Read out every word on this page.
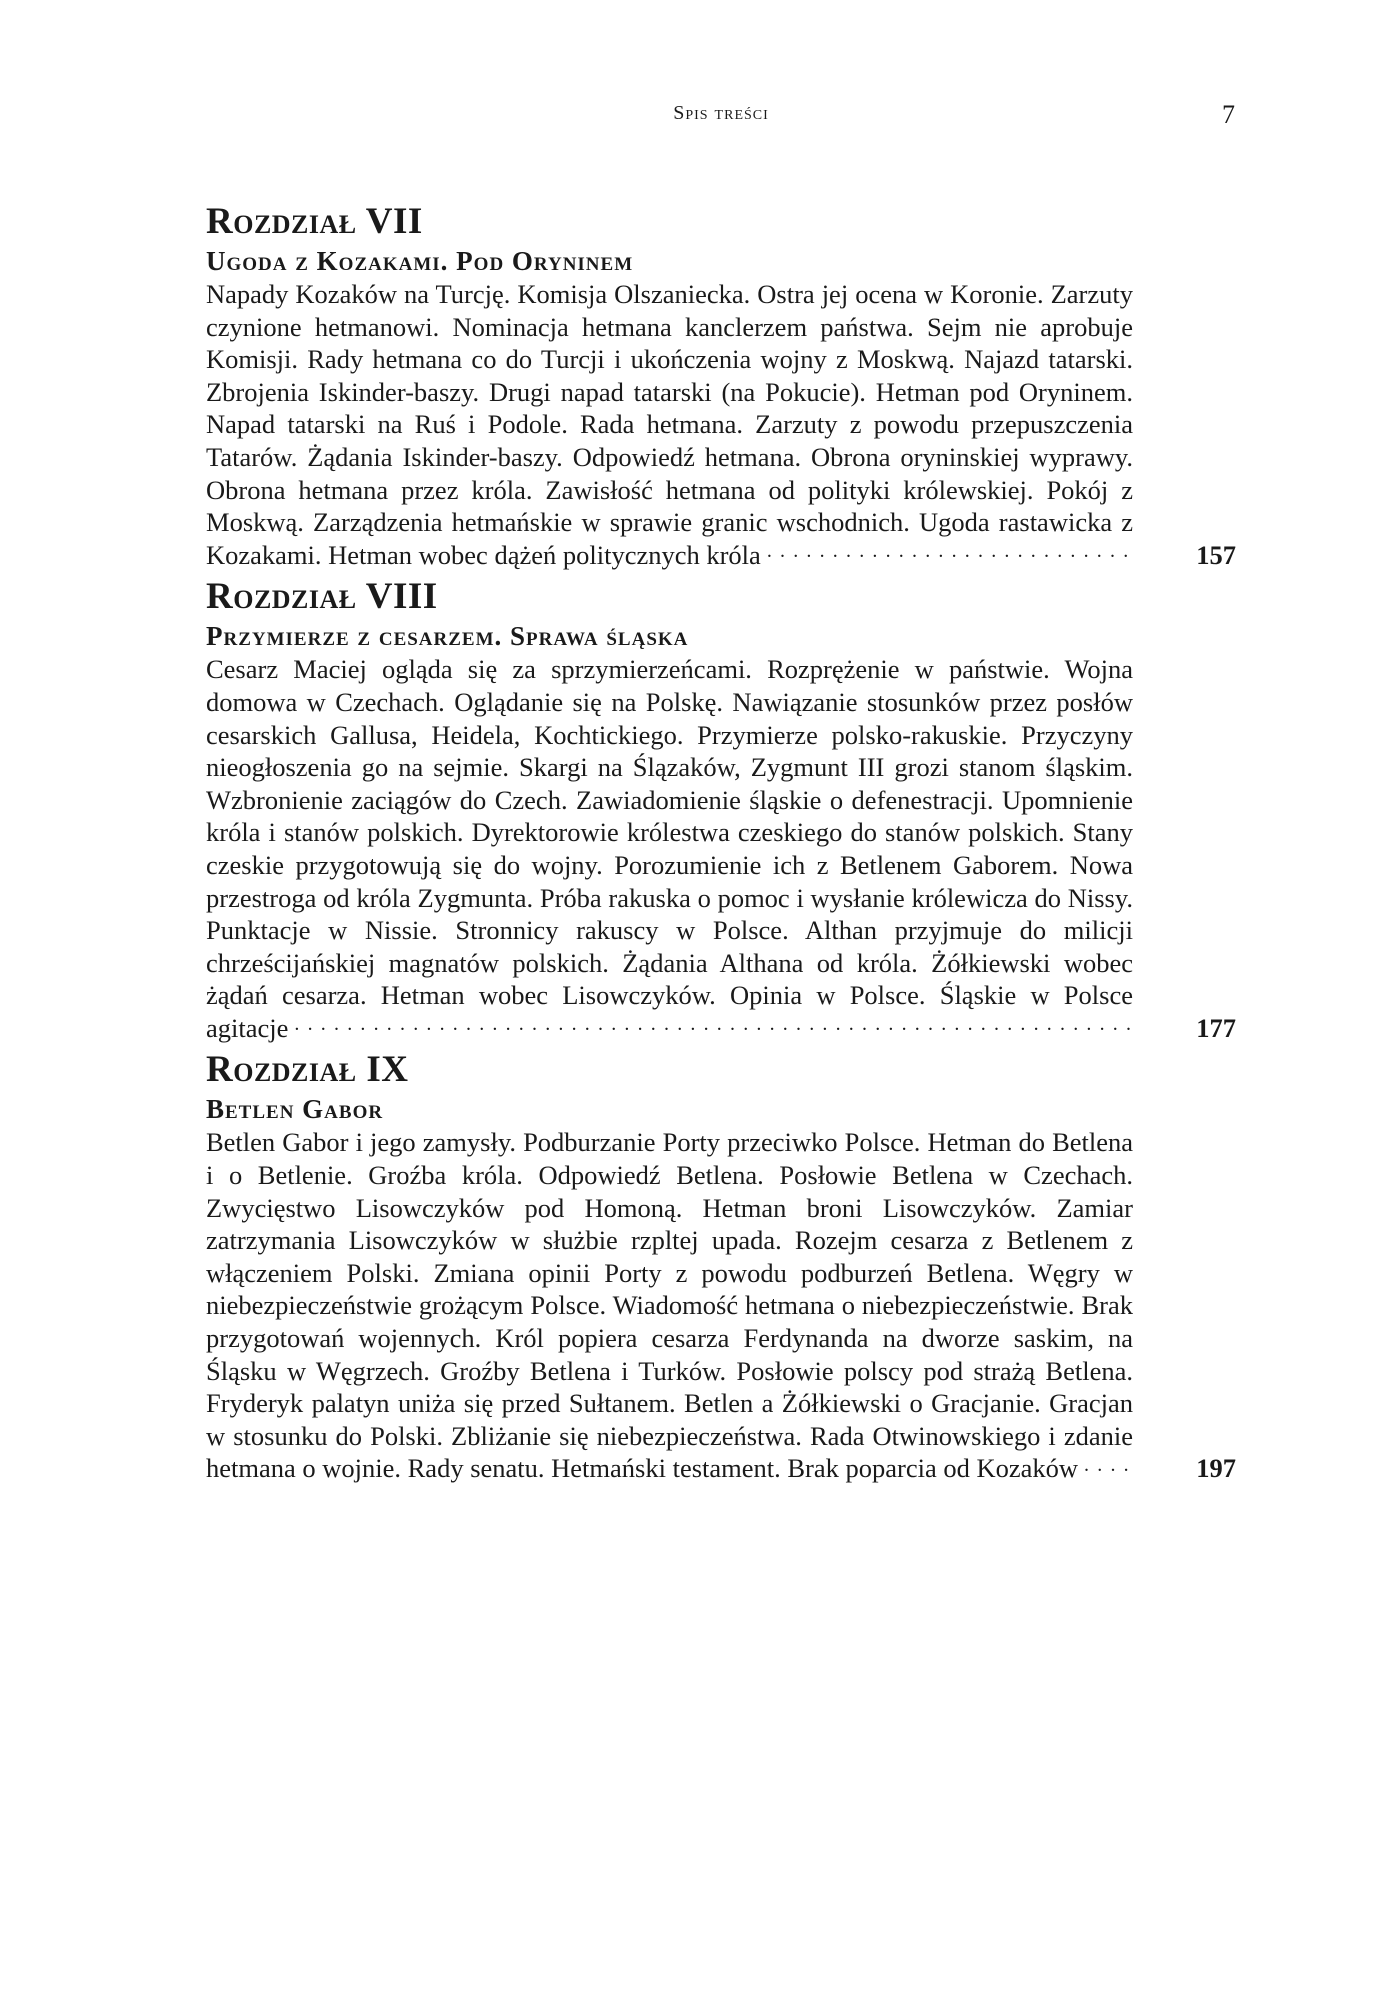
Spis treści	7
Rozdział VII
Ugoda z Kozakami. Pod Oryninem
Napady Kozaków na Turcję. Komisja Olszaniecka. Ostra jej ocena w Koronie. Zarzuty czynione hetmanowi. Nominacja hetmana kanclerzem państwa. Sejm nie aprobuje Komisji. Rady hetmana co do Turcji i ukończenia wojny z Moskwą. Najazd tatarski. Zbrojenia Iskinder-baszy. Drugi napad tatarski (na Pokucie). Hetman pod Oryninem. Napad tatarski na Ruś i Podole. Rada hetmana. Zarzuty z powodu przepuszczenia Tatarów. Żądania Iskinder-baszy. Odpowiedź hetmana. Obrona oryninskiej wyprawy. Obrona hetmana przez króla. Zawisłość hetmana od polityki królewskiej. Pokój z Moskwą. Zarządzenia hetmańskie w sprawie granic wschodnich. Ugoda rastawicka z Kozakami. Hetman wobec dążeń politycznych króla . . .	157
Rozdział VIII
Przymierze z cesarzem. Sprawa śląska
Cesarz Maciej ogląda się za sprzymierzeńcami. Rozprężenie w państwie. Wojna domowa w Czechach. Oglądanie się na Polskę. Nawiązanie stosunków przez posłów cesarskich Gallusa, Heidela, Kochtickiego. Przymierze polsko-rakuskie. Przyczyny nieogłoszenia go na sejmie. Skargi na Ślązaków, Zygmunt III grozi stanom śląskim. Wzbronienie zaciągów do Czech. Zawiadomienie śląskie o defenestracji. Upomnienie króla i stanów polskich. Dyrektorowie królestwa czeskiego do stanów polskich. Stany czeskie przygotowują się do wojny. Porozumienie ich z Betlenem Gaborem. Nowa przestroga od króla Zygmunta. Próba rakuska o pomoc i wysłanie królewicza do Nissy. Punktacje w Nissie. Stronnicy rakuscy w Polsce. Althan przyjmuje do milicji chrześcijańskiej magnatów polskich. Żądania Althana od króla. Żółkiewski wobec żądań cesarza. Hetman wobec Lisowczyków. Opinia w Polsce. Śląskie w Polsce agitacje . . .	177
Rozdział IX
Betlen Gabor
Betlen Gabor i jego zamysły. Podburzanie Porty przeciwko Polsce. Hetman do Betlena i o Betlenie. Groźba króla. Odpowiedź Betlena. Posłowie Betlena w Czechach. Zwycięstwo Lisowczyków pod Homoną. Hetman broni Lisowczyków. Zamiar zatrzymania Lisowczyków w służbie rzpltej upada. Rozejm cesarza z Betlenem z włączeniem Polski. Zmiana opinii Porty z powodu podburzeń Betlena. Węgry w niebezpieczeństwie grożącym Polsce. Wiadomość hetmana o niebezpieczeństwie. Brak przygotowań wojennych. Król popiera cesarza Ferdynanda na dworze saskim, na Śląsku w Węgrzech. Groźby Betlena i Turków. Posłowie polscy pod strażą Betlena. Fryderyk palatyn uniża się przed Sułtanem. Betlen a Żółkiewski o Gracjanie. Gracjan w stosunku do Polski. Zbliżanie się niebezpieczeństwa. Rada Otwinowskiego i zdanie hetmana o wojnie. Rady senatu. Hetmański testament. Brak poparcia od Kozaków . . .	197
